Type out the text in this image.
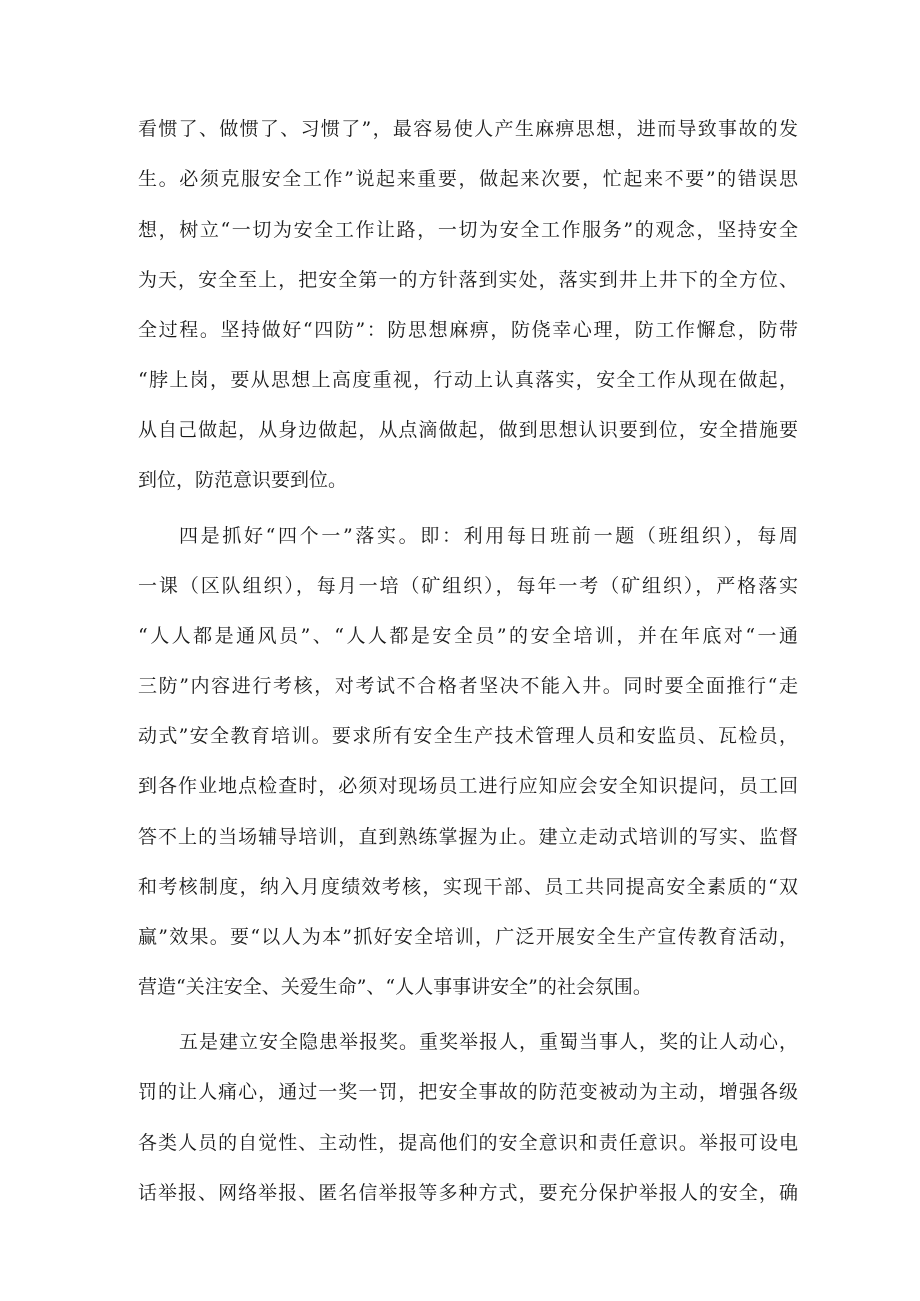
看惯了、做惯了、习惯了”，最容易使人产生麻痹思想，进而导致事故的发
生。必须克服安全工作”说起来重要，做起来次要，忙起来不要”的错误思
想，树立“一切为安全工作让路，一切为安全工作服务”的观念，坚持安全
为天，安全至上，把安全第一的方针落到实处，落实到井上井下的全方位、
全过程。坚持做好“四防”：防思想麻痹，防侥幸心理，防工作懈怠，防带
“脖上岗，要从思想上高度重视，行动上认真落实，安全工作从现在做起，
从自己做起，从身边做起，从点滴做起，做到思想认识要到位，安全措施要
到位，防范意识要到位。
四是抓好“四个一”落实。即：利用每日班前一题（班组织），每周
一课（区队组织），每月一培（矿组织），每年一考（矿组织），严格落实
“人人都是通风员”、“人人都是安全员”的安全培训，并在年底对“一通
三防”内容进行考核，对考试不合格者坚决不能入井。同时要全面推行“走
动式”安全教育培训。要求所有安全生产技术管理人员和安监员、瓦检员，
到各作业地点检查时，必须对现场员工进行应知应会安全知识提问，员工回
答不上的当场辅导培训，直到熟练掌握为止。建立走动式培训的写实、监督
和考核制度，纳入月度绩效考核，实现干部、员工共同提高安全素质的“双
赢”效果。要“以人为本”抓好安全培训，广泛开展安全生产宣传教育活动，
营造“关注安全、关爱生命”、“人人事事讲安全”的社会氛围。
五是建立安全隐患举报奖。重奖举报人，重蜀当事人，奖的让人动心，
罚的让人痛心，通过一奖一罚，把安全事故的防范变被动为主动，增强各级
各类人员的自觉性、主动性，提高他们的安全意识和责任意识。举报可设电
话举报、网络举报、匿名信举报等多种方式，要充分保护举报人的安全，确
